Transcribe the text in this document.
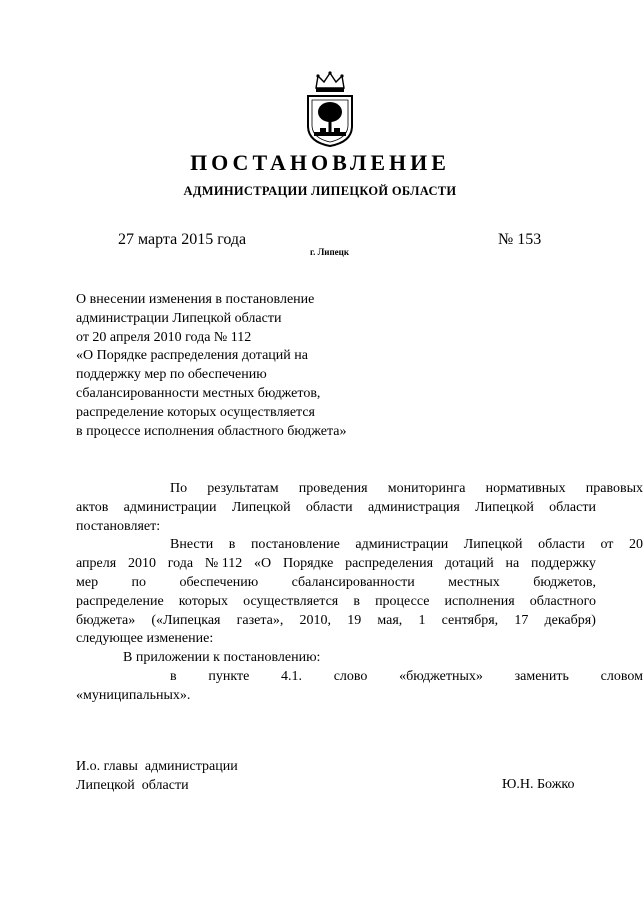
ПОСТАНОВЛЕНИЕ
АДМИНИСТРАЦИИ ЛИПЕЦКОЙ ОБЛАСТИ
27 марта 2015 года
г. Липецк
№ 153
О внесении изменения в постановление
администрации Липецкой области
от 20 апреля 2010 года № 112
«О Порядке распределения дотаций на
поддержку мер по обеспечению
сбалансированности местных бюджетов,
распределение которых осуществляется
в процессе исполнения областного бюджета»
По результатам проведения мониторинга нормативных правовых
актов администрации Липецкой области администрация Липецкой области
постановляет:
Внести в постановление администрации Липецкой области от 20
апреля 2010 года № 112 «О Порядке распределения дотаций на поддержку
мер по обеспечению сбалансированности местных бюджетов,
распределение которых осуществляется в процессе исполнения областного
бюджета» («Липецкая газета», 2010, 19 мая, 1 сентября, 17 декабря)
следующее изменение:
В приложении к постановлению:
в пункте 4.1. слово «бюджетных» заменить словом
«муниципальных».
И.о. главы  администрации
Липецкой  области	Ю.Н. Божко
